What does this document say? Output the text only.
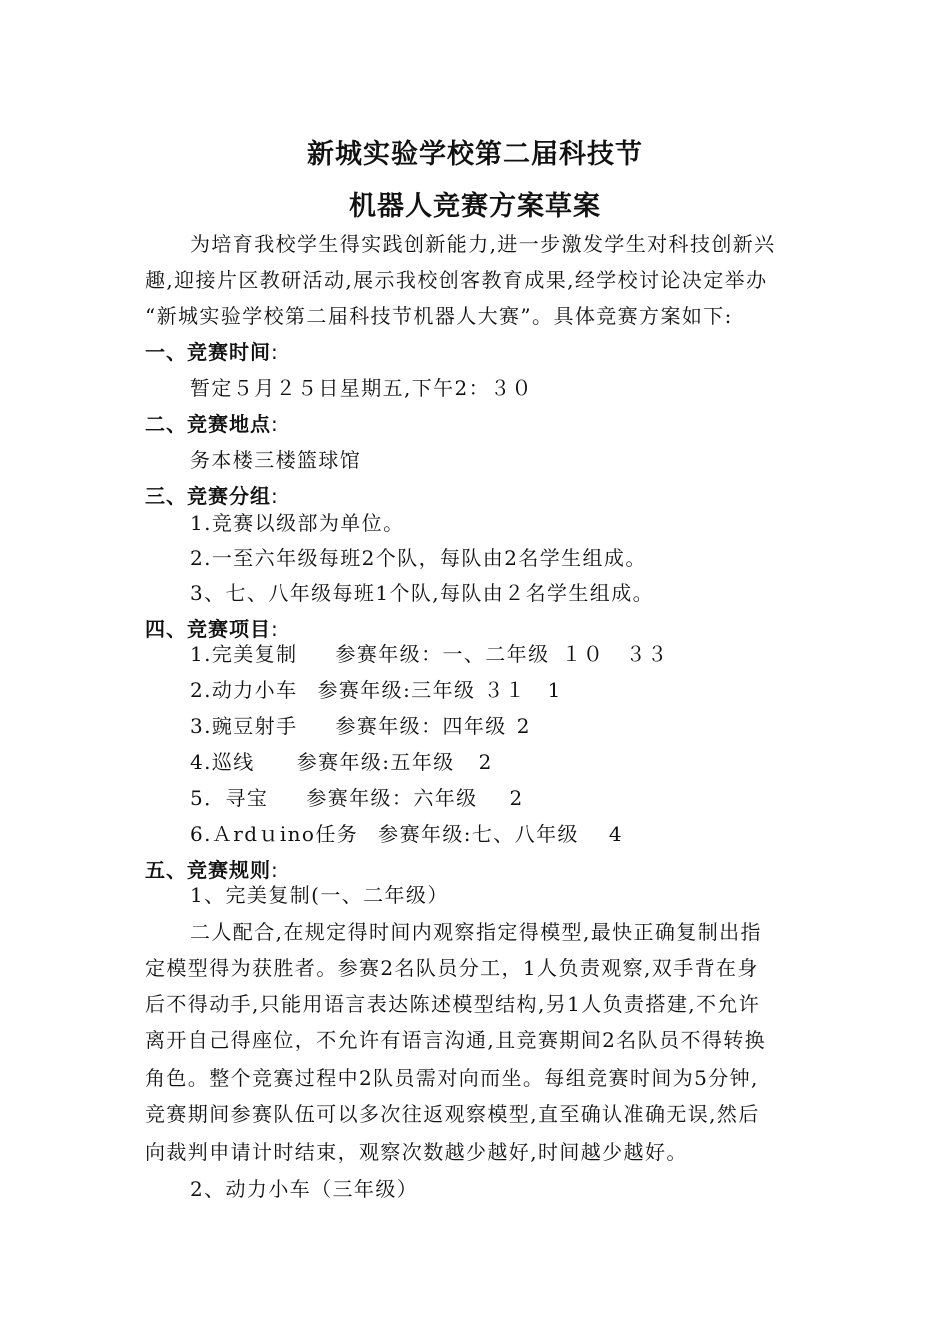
新城实验学校第二届科技节
机器人竞赛方案草案
为培育我校学生得实践创新能力,进一步激发学生对科技创新兴
趣,迎接片区教研活动,展示我校创客教育成果,经学校讨论决定举办
“新城实验学校第二届科技节机器人大赛”。具体竞赛方案如下:
一、竞赛时间:
暂定５月２５日星期五,下午2：３０
二、竞赛地点:
务本楼三楼篮球馆
三、竞赛分组:
1.竞赛以级部为单位。
2.一至六年级每班2个队，每队由2名学生组成。
3、七、八年级每班1个队,每队由２名学生组成。
四、竞赛项目:
1.完美复制 参赛年级：一、二年级 １０　３３
2.动力小车 参赛年级:三年级 ３１　1
3.豌豆射手 参赛年级：四年级 2
4.巡线 参赛年级:五年级 2
5．寻宝 参赛年级：六年级 2
6.Ａrdｕino任务 参赛年级:七、八年级 4
五、竞赛规则:
1、完美复制(一、二年级）
二人配合,在规定得时间内观察指定得模型,最快正确复制出指
定模型得为获胜者。参赛2名队员分工，1人负责观察,双手背在身
后不得动手,只能用语言表达陈述模型结构,另1人负责搭建,不允许
离开自己得座位，不允许有语言沟通,且竞赛期间2名队员不得转换
角色。整个竞赛过程中2队员需对向而坐。每组竞赛时间为5分钟,
竞赛期间参赛队伍可以多次往返观察模型,直至确认准确无误,然后
向裁判申请计时结束，观察次数越少越好,时间越少越好。
2、动力小车（三年级）
